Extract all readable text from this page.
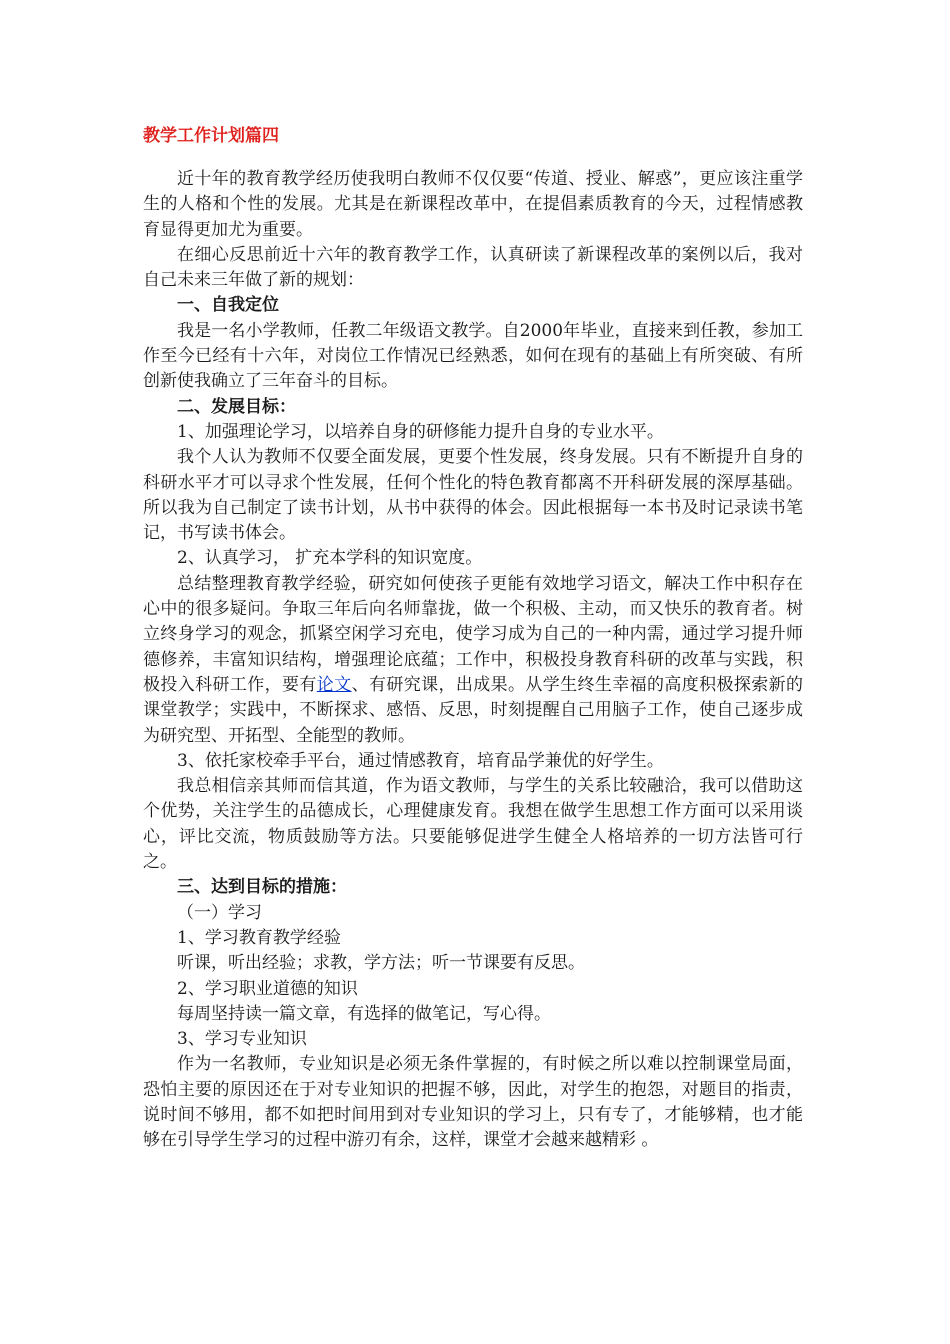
教学工作计划篇四

近十年的教育教学经历使我明白教师不仅仅要“传道、授业、解惑”，更应该注重学生的人格和个性的发展。尤其是在新课程改革中，在提倡素质教育的今天，过程情感教育显得更加尤为重要。

在细心反思前近十六年的教育教学工作，认真研读了新课程改革的案例以后，我对自己未来三年做了新的规划：

一、自我定位

我是一名小学教师，任教二年级语文教学。自2000年毕业，直接来到任教，参加工作至今已经有十六年，对岗位工作情况已经熟悉，如何在现有的基础上有所突破、有所创新使我确立了三年奋斗的目标。

二、发展目标：

1、加强理论学习，以培养自身的研修能力提升自身的专业水平。

我个人认为教师不仅要全面发展，更要个性发展，终身发展。只有不断提升自身的科研水平才可以寻求个性发展，任何个性化的特色教育都离不开科研发展的深厚基础。所以我为自己制定了读书计划，从书中获得的体会。因此根据每一本书及时记录读书笔记，书写读书体会。

2、认真学习， 扩充本学科的知识宽度。

总结整理教育教学经验，研究如何使孩子更能有效地学习语文，解决工作中积存在心中的很多疑问。争取三年后向名师靠拢，做一个积极、主动，而又快乐的教育者。树立终身学习的观念，抓紧空闲学习充电，使学习成为自己的一种内需，通过学习提升师德修养，丰富知识结构，增强理论底蕴；工作中，积极投身教育科研的改革与实践，积极投入科研工作，要有论文、有研究课，出成果。从学生终生幸福的高度积极探索新的课堂教学；实践中，不断探求、感悟、反思，时刻提醒自己用脑子工作，使自己逐步成为研究型、开拓型、全能型的教师。

3、依托家校牵手平台，通过情感教育，培育品学兼优的好学生。

我总相信亲其师而信其道，作为语文教师，与学生的关系比较融洽，我可以借助这个优势，关注学生的品德成长，心理健康发育。我想在做学生思想工作方面可以采用谈心，评比交流，物质鼓励等方法。只要能够促进学生健全人格培养的一切方法皆可行之。

三、达到目标的措施：

（一）学习

1、学习教育教学经验

听课，听出经验；求教，学方法；听一节课要有反思。

2、学习职业道德的知识

每周坚持读一篇文章，有选择的做笔记，写心得。

3、学习专业知识

作为一名教师，专业知识是必须无条件掌握的，有时候之所以难以控制课堂局面，恐怕主要的原因还在于对专业知识的把握不够，因此，对学生的抱怨，对题目的指责，说时间不够用，都不如把时间用到对专业知识的学习上，只有专了，才能够精，也才能够在引导学生学习的过程中游刃有余，这样，课堂才会越来越精彩 。
